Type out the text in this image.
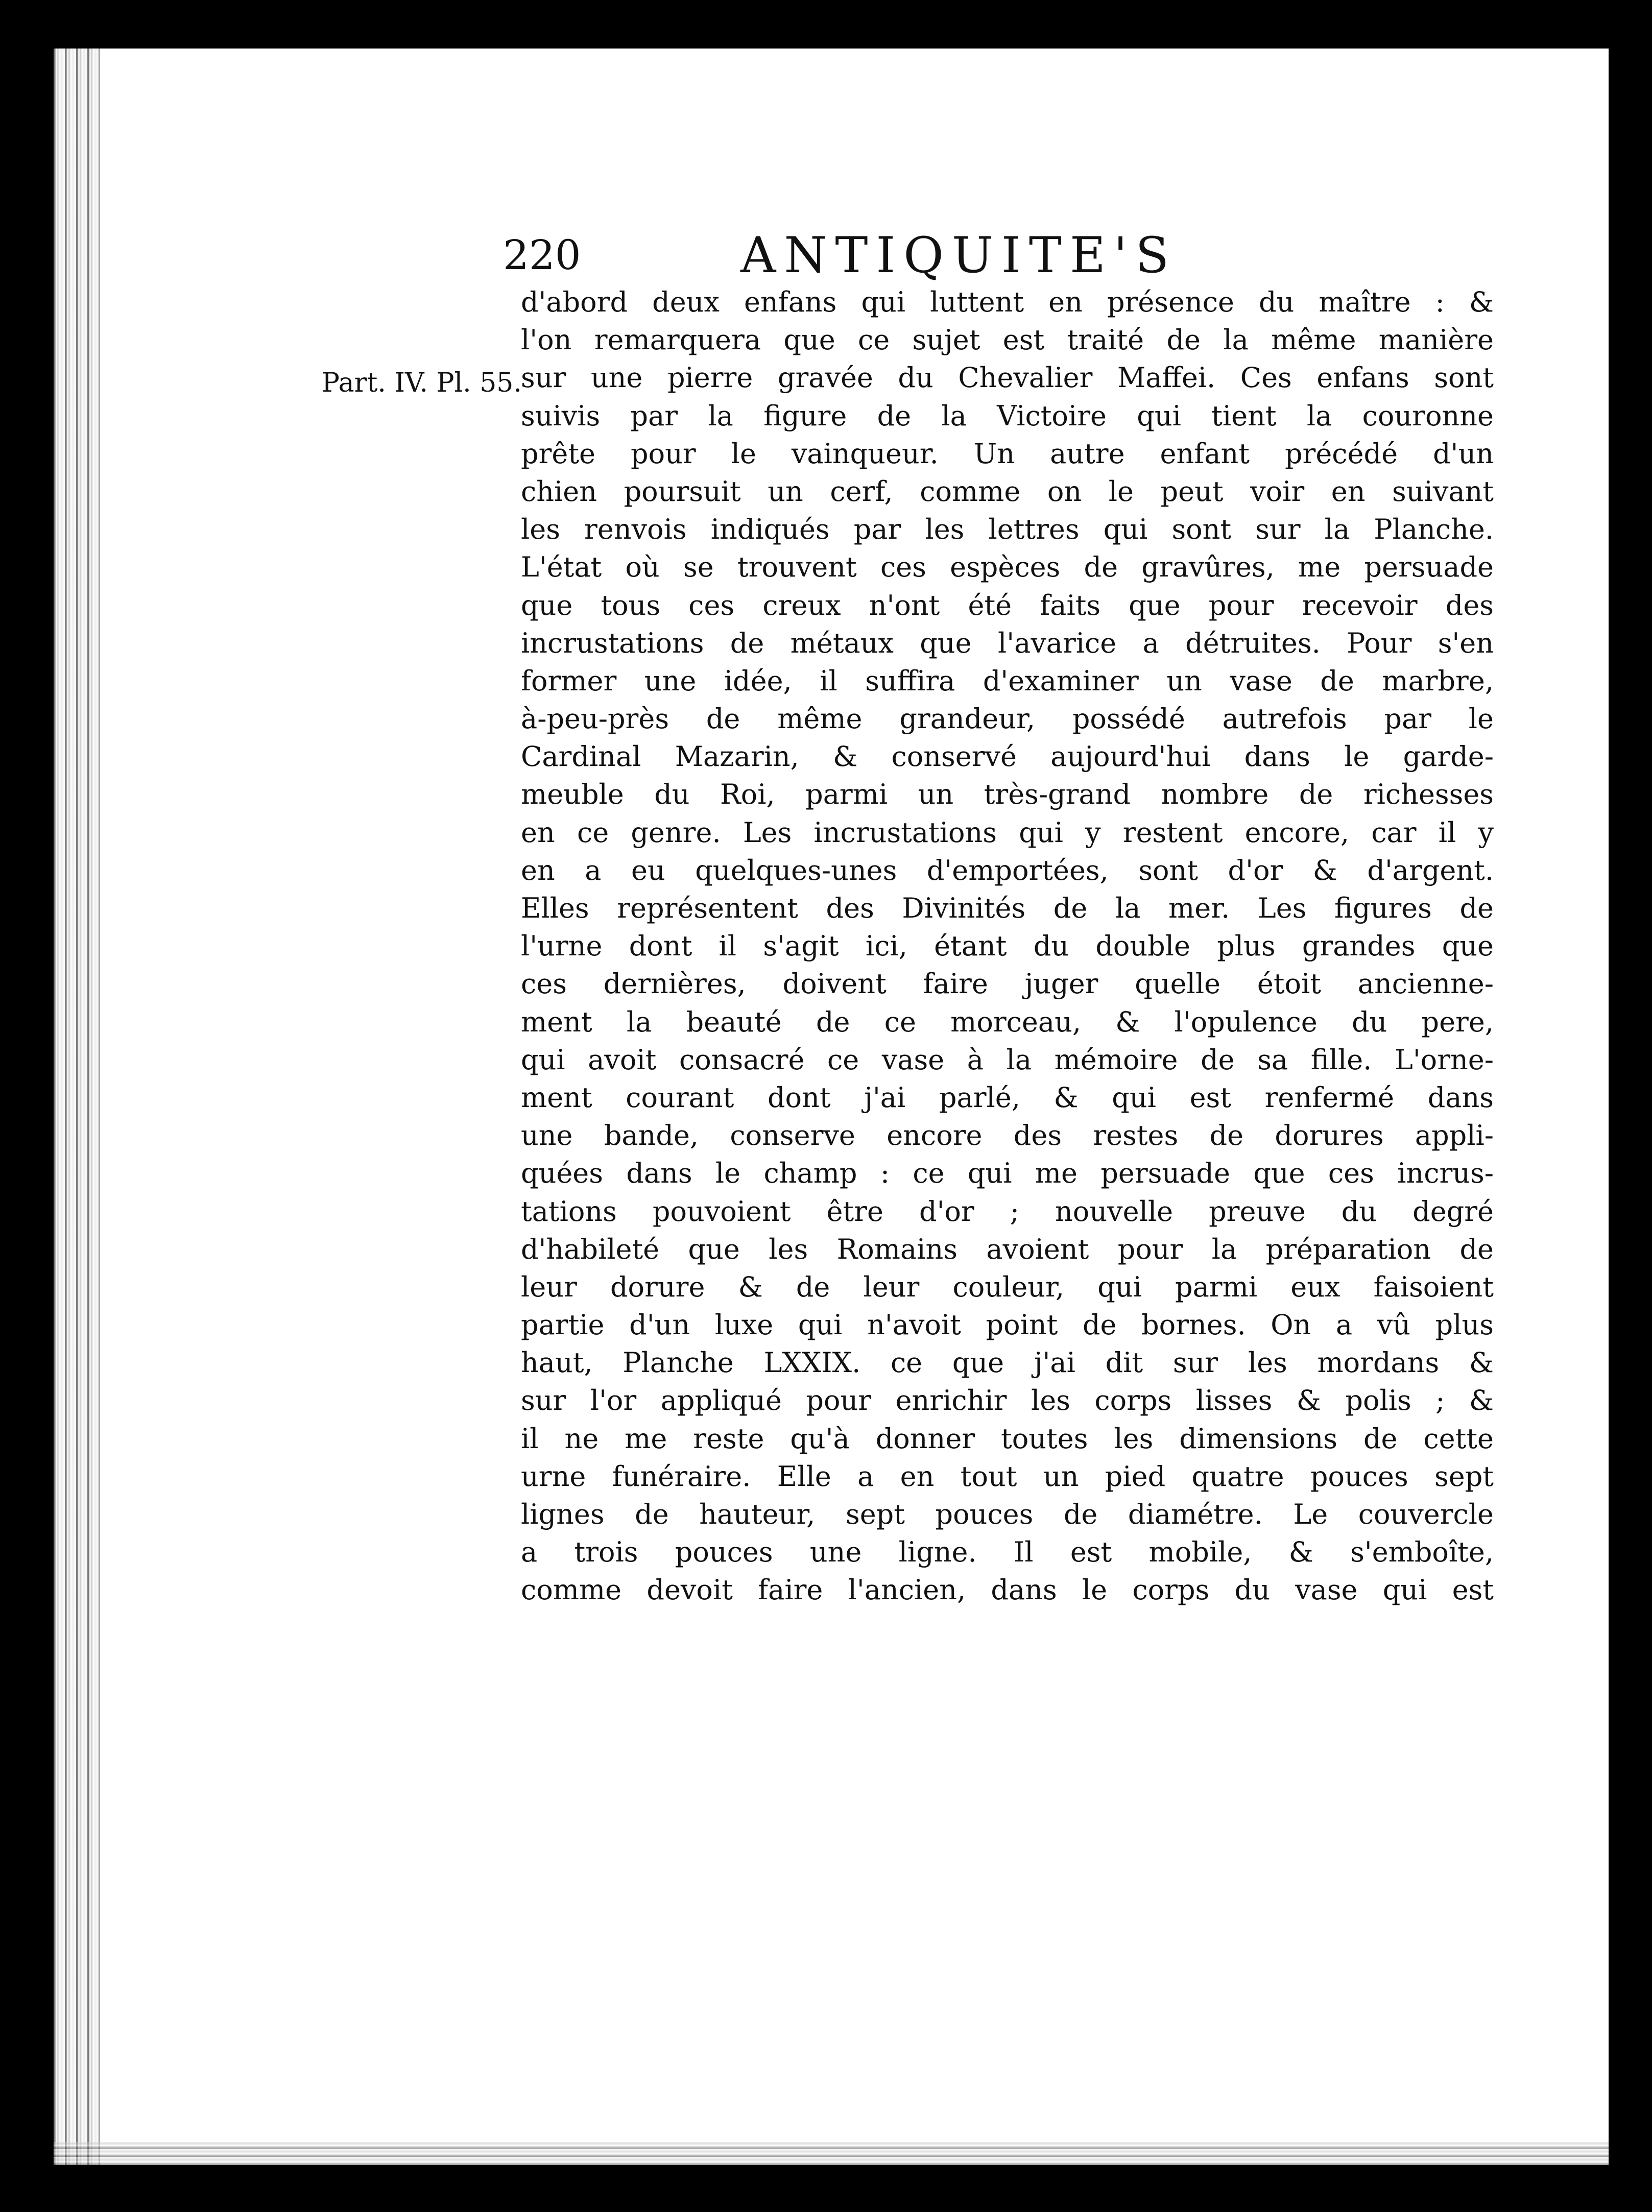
220	ANTIQUITE'S
Part. IV. Pl. 55.
d'abord deux enfans qui luttent en présence du maître : &
l'on remarquera que ce sujet est traité de la même manière
sur une pierre gravée du Chevalier Maffei. Ces enfans sont
suivis par la figure de la Victoire qui tient la couronne
prête pour le vainqueur. Un autre enfant précédé d'un
chien poursuit un cerf, comme on le peut voir en suivant
les renvois indiqués par les lettres qui sont sur la Planche.
L'état où se trouvent ces espèces de gravûres, me persuade
que tous ces creux n'ont été faits que pour recevoir des
incrustations de métaux que l'avarice a détruites. Pour s'en
former une idée, il suffira d'examiner un vase de marbre,
à-peu-près de même grandeur, possédé autrefois par le
Cardinal Mazarin, & conservé aujourd'hui dans le garde-
meuble du Roi, parmi un très-grand nombre de richesses
en ce genre. Les incrustations qui y restent encore, car il y
en a eu quelques-unes d'emportées, sont d'or & d'argent.
Elles représentent des Divinités de la mer. Les figures de
l'urne dont il s'agit ici, étant du double plus grandes que
ces dernières, doivent faire juger quelle étoit ancienne-
ment la beauté de ce morceau, & l'opulence du pere,
qui avoit consacré ce vase à la mémoire de sa fille. L'orne-
ment courant dont j'ai parlé, & qui est renfermé dans
une bande, conserve encore des restes de dorures appli-
quées dans le champ : ce qui me persuade que ces incrus-
tations pouvoient être d'or ; nouvelle preuve du degré
d'habileté que les Romains avoient pour la préparation de
leur dorure & de leur couleur, qui parmi eux faisoient
partie d'un luxe qui n'avoit point de bornes. On a vû plus
haut, Planche LXXIX. ce que j'ai dit sur les mordans &
sur l'or appliqué pour enrichir les corps lisses & polis ; &
il ne me reste qu'à donner toutes les dimensions de cette
urne funéraire. Elle a en tout un pied quatre pouces sept
lignes de hauteur, sept pouces de diamétre. Le couvercle
a trois pouces une ligne. Il est mobile, & s'emboîte,
comme devoit faire l'ancien, dans le corps du vase qui est
